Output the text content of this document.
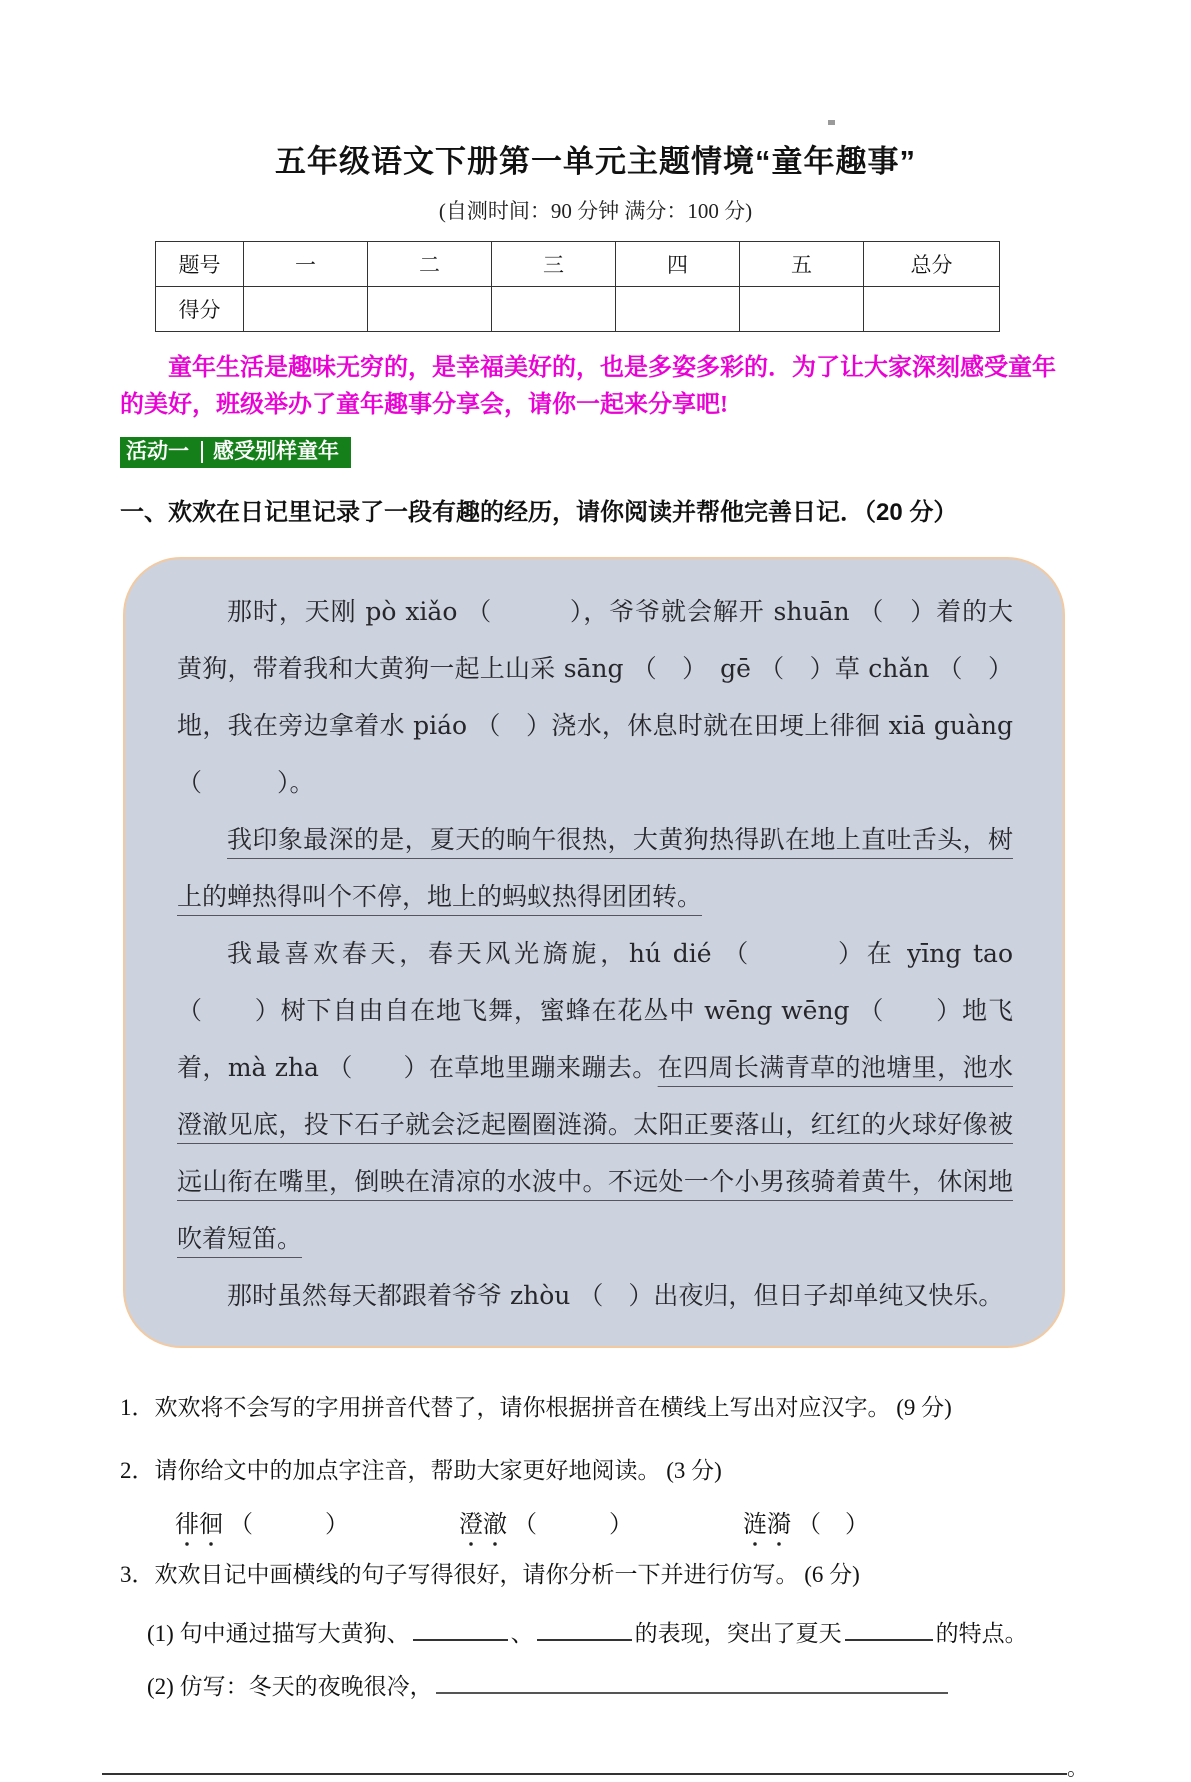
五年级语文下册第一单元主题情境“童年趣事”
(自测时间：90 分钟 满分：100 分)
题号	一	二	三	四	五	总分
得分						
童年生活是趣味无穷的，是幸福美好的，也是多姿多彩的．为了让大家深刻感受童年的美好，班级举办了童年趣事分享会，请你一起来分享吧!
活动一 感受别样童年
一、欢欢在日记里记录了一段有趣的经历，请你阅读并帮他完善日记．（20 分）

那时，天刚 pò xiǎo （　　　），爷爷就会解开 shuān （　）着的大黄狗，带着我和大黄狗一起上山采 sāng （　）　gē （　）草 chǎn （　）地，我在旁边拿着水 piáo （　）浇水，休息时就在田埂上徘徊 xiā guàng （　　　）。

我印象最深的是，夏天的晌午很热，大黄狗热得趴在地上直吐舌头，树上的蝉热得叫个不停，地上的蚂蚁热得团团转。

我最喜欢春天，春天风光旖旎，hú dié （　　　）在 yīng tao （　　）树下自由自在地飞舞，蜜蜂在花丛中 wēng wēng （　　）地飞着，mà zha （　　）在草地里蹦来蹦去。在四周长满青草的池塘里，池水澄澈见底，投下石子就会泛起圈圈涟漪。太阳正要落山，红红的火球好像被远山衔在嘴里，倒映在清凉的水波中。不远处一个小男孩骑着黄牛，休闲地吹着短笛。

那时虽然每天都跟着爷爷 zhòu （　）出夜归，但日子却单纯又快乐。

1．欢欢将不会写的字用拼音代替了，请你根据拼音在横线上写出对应汉字。 (9 分)
2．请你给文中的加点字注音，帮助大家更好地阅读。 (3 分)
徘徊 （　　　）	澄澈 （　　　）	涟漪 （　）
3．欢欢日记中画横线的句子写得很好，请你分析一下并进行仿写。 (6 分)
(1) 句中通过描写大黄狗、	、	的表现，突出了夏天	的特点。
(2) 仿写：冬天的夜晚很冷，
。
